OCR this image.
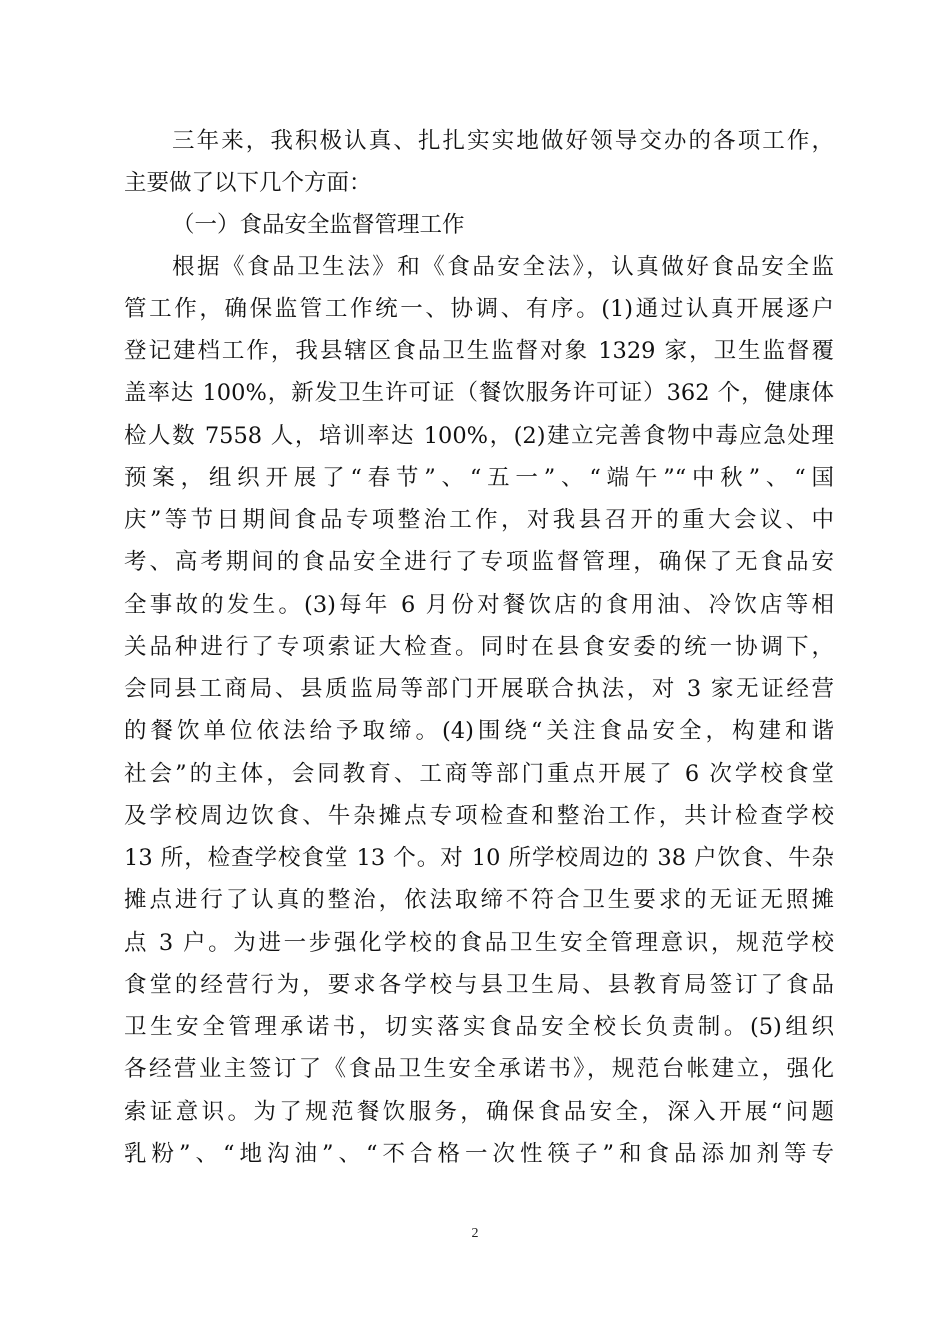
三年来，我积极认真、扎扎实实地做好领导交办的各项工作，
主要做了以下几个方面：
（一）食品安全监督管理工作
根据《食品卫生法》和《食品安全法》，认真做好食品安全监
管工作，确保监管工作统一、协调、有序。(1)通过认真开展逐户
登记建档工作，我县辖区食品卫生监督对象 1329 家，卫生监督覆
盖率达 100%，新发卫生许可证（餐饮服务许可证）362 个，健康体
检人数 7558 人，培训率达 100%，(2)建立完善食物中毒应急处理
预案，组织开展了“春节”、“五一”、“端午”“中秋”、“国
庆”等节日期间食品专项整治工作，对我县召开的重大会议、中
考、高考期间的食品安全进行了专项监督管理，确保了无食品安
全事故的发生。(3)每年 6 月份对餐饮店的食用油、冷饮店等相
关品种进行了专项索证大检查。同时在县食安委的统一协调下，
会同县工商局、县质监局等部门开展联合执法，对 3 家无证经营
的餐饮单位依法给予取缔。(4)围绕“关注食品安全，构建和谐
社会”的主体，会同教育、工商等部门重点开展了 6 次学校食堂
及学校周边饮食、牛杂摊点专项检查和整治工作，共计检查学校
13 所，检查学校食堂 13 个。对 10 所学校周边的 38 户饮食、牛杂
摊点进行了认真的整治，依法取缔不符合卫生要求的无证无照摊
点 3 户。为进一步强化学校的食品卫生安全管理意识，规范学校
食堂的经营行为，要求各学校与县卫生局、县教育局签订了食品
卫生安全管理承诺书，切实落实食品安全校长负责制。(5)组织
各经营业主签订了《食品卫生安全承诺书》，规范台帐建立，强化
索证意识。为了规范餐饮服务，确保食品安全，深入开展“问题
乳粉”、“地沟油”、“不合格一次性筷子”和食品添加剂等专
2
